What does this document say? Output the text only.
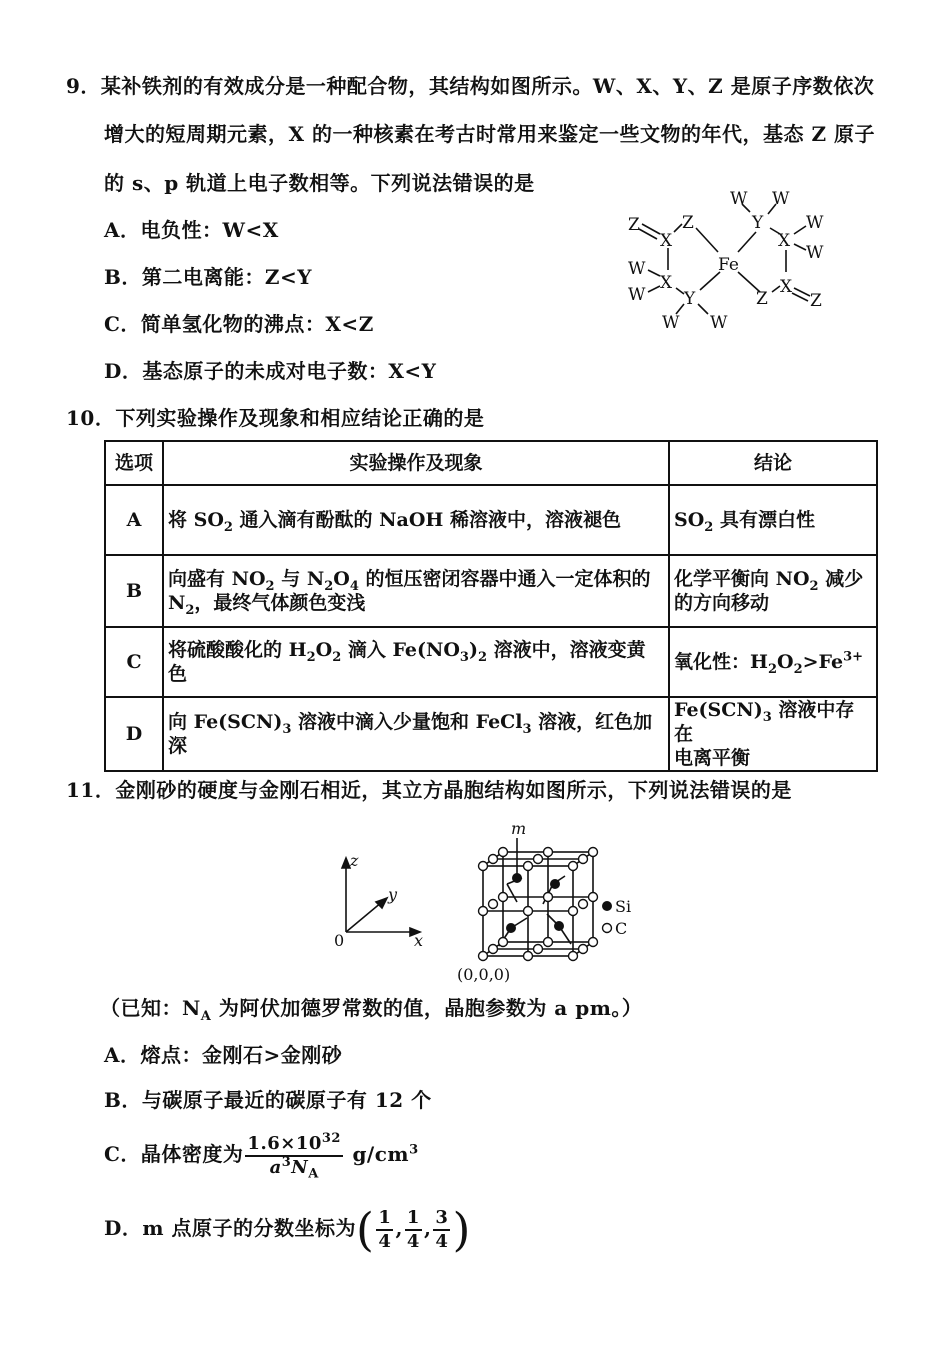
9．某补铁剂的有效成分是一种配合物，其结构如图所示。W、X、Y、Z 是原子序数依次
增大的短周期元素，X 的一种核素在考古时常用来鉴定一些文物的年代，基态 Z 原子
的 s、p 轨道上电子数相等。下列说法错误的是
A．电负性：W<X
B．第二电离能：Z<Y
C．简单氢化物的沸点：X<Z
D．基态原子的未成对电子数：X<Y
Z
X
Z
Fe
X
W
W Y
W W
W W
Y
X
W
W
Z
X
Z
10．下列实验操作及现象和相应结论正确的是
选项	实验操作及现象	结论
A	将 $SO_2$ 通入滴有酚酞的 NaOH 稀溶液中，溶液褪色	$SO_2$ 具有漂白性
B	向盛有 $NO_2$ 与 $N_2O_4$ 的恒压密闭容器中通入一定体积的
$N_2$，最终气体颜色变浅	化学平衡向 $NO_2$ 减少
的方向移动
C	将硫酸酸化的 $H_2O_2$ 滴入 $Fe(NO_3)_2$ 溶液中，溶液变黄色	氧化性：$H_2O_2>Fe^{3+}$
D	向 $Fe(SCN)_3$ 溶液中滴入少量饱和 FeCl$_3$ 溶液，红色加深	$Fe(SCN)_3$ 溶液中存在
电离平衡
11．金刚砂的硬度与金刚石相近，其立方晶胞结构如图所示，下列说法错误的是
z
y
x
0
m
(0,0,0)
Si
C
（已知：$N_A$ 为阿伏加德罗常数的值，晶胞参数为 a pm。）
A．熔点：金刚石>金刚砂
B．与碳原子最近的碳原子有 12 个
C．晶体密度为 $\frac{1.6\times 10^{32}}{a^3N_A} g/cm^3$
D．m 点原子的分数坐标为( $\frac{1}{4}$ , $\frac{1}{4}$ , $\frac{3}{4}$ )
